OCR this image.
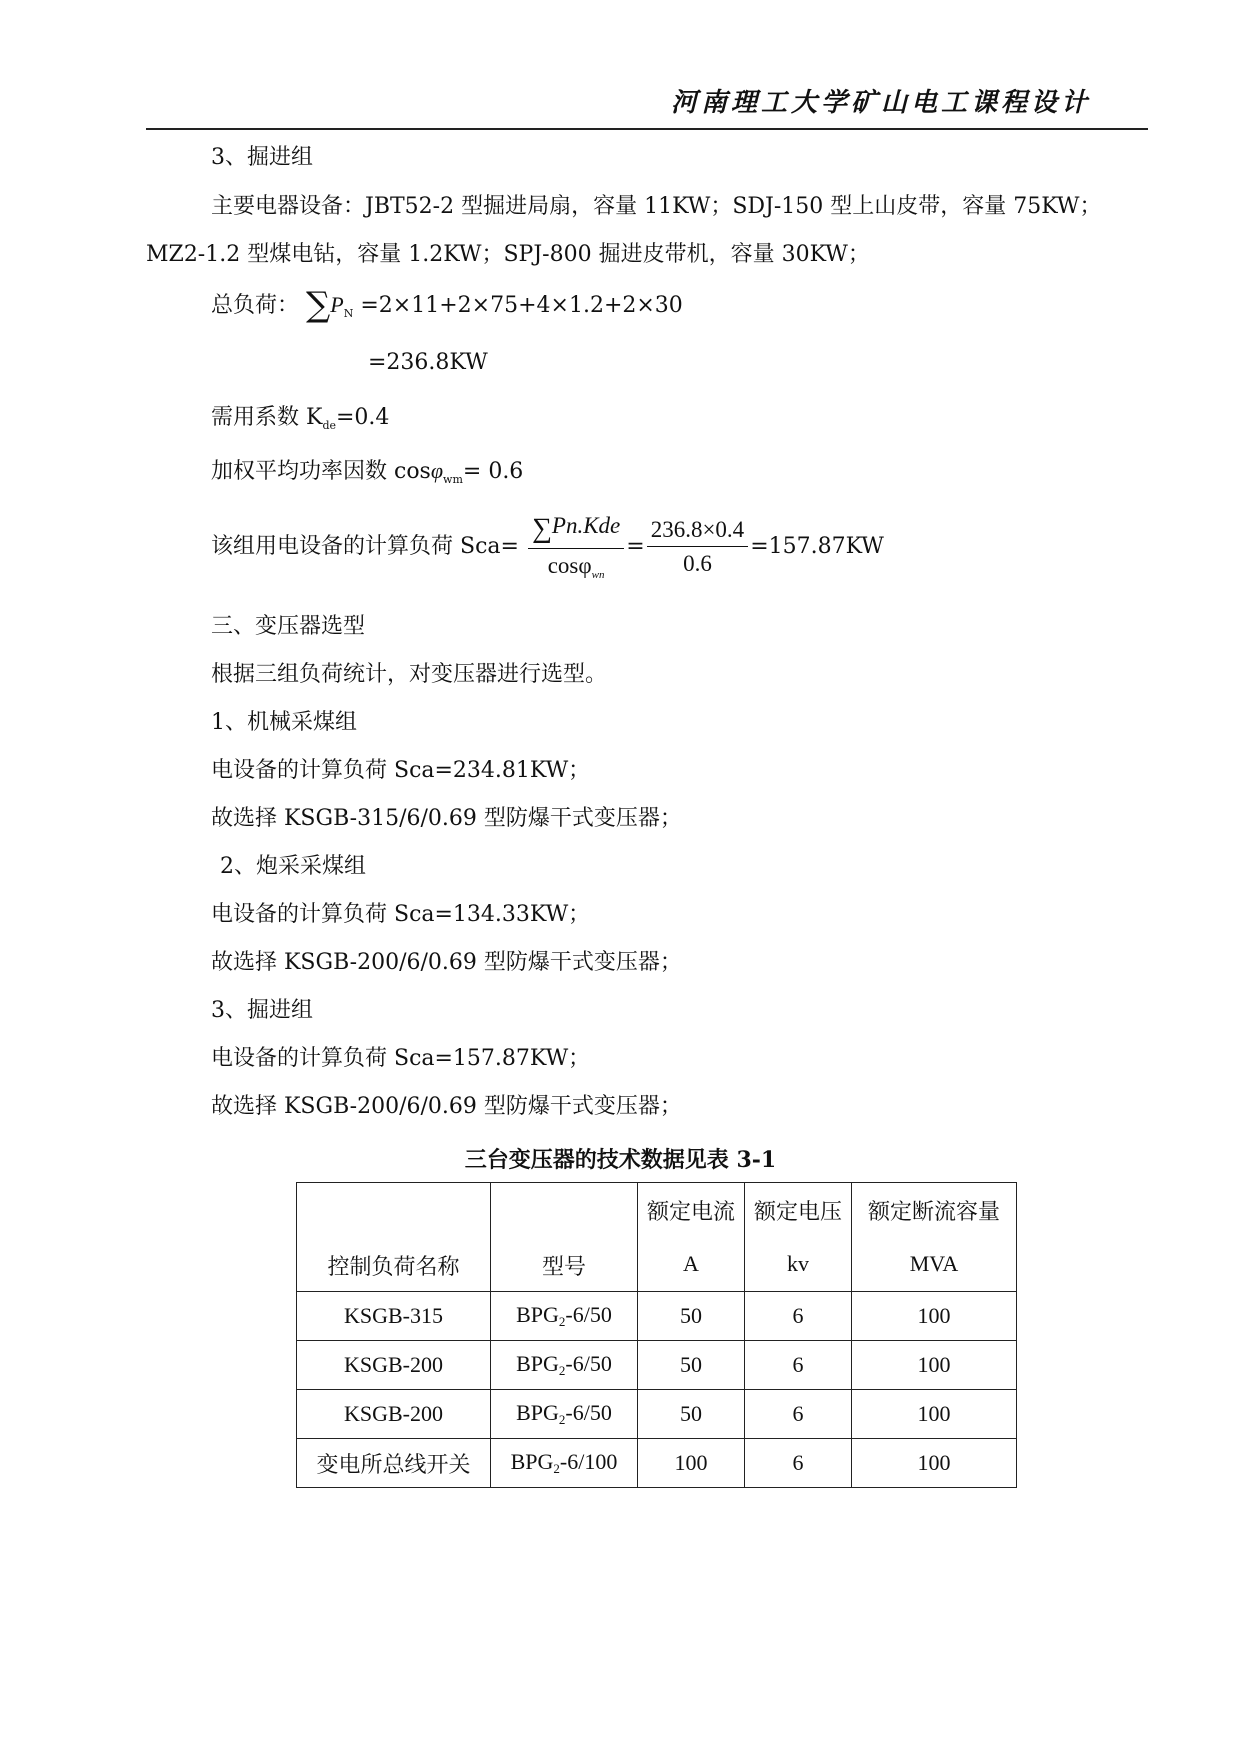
河南理工大学矿山电工课程设计
3、掘进组
主要电器设备：JBT52-2 型掘进局扇，容量 11KW；SDJ-150 型上山皮带，容量 75KW；
MZ2-1.2 型煤电钻，容量 1.2KW；SPJ-800 掘进皮带机，容量 30KW；
总负荷： $\sum P_N =2\times 11+2\times 75+4\times 1.2+2\times 30$
=236.8KW
需用系数 $K_{de}=0.4$
加权平均功率因数 cosφ$_{wm}$= 0.6
该组用电设备的计算负荷 $Sca= \frac{\text{∑Pn.Kde}}{\cos\varphi_{wn}} = \frac{236.8\times 0.4}{0.6} =157.87KW$
三、变压器选型
根据三组负荷统计，对变压器进行选型。
1、机械采煤组
电设备的计算负荷 Sca=234.81KW；
故选择 KSGB-315/6/0.69 型防爆干式变压器；
2、炮采采煤组
电设备的计算负荷 Sca=134.33KW；
故选择 KSGB-200/6/0.69 型防爆干式变压器；
3、掘进组
电设备的计算负荷 Sca=157.87KW；
故选择 KSGB-200/6/0.69 型防爆干式变压器；
三台变压器的技术数据见表 3-1
控制负荷名称	型号	额定电流	额定电压	额定断流容量
		A	kv	MVA
KSGB-315	BPG2-6/50	50	6	100
KSGB-200	BPG2-6/50	50	6	100
KSGB-200	BPG2-6/50	50	6	100
变电所总线开关	BPG2-6/100	100	6	100
